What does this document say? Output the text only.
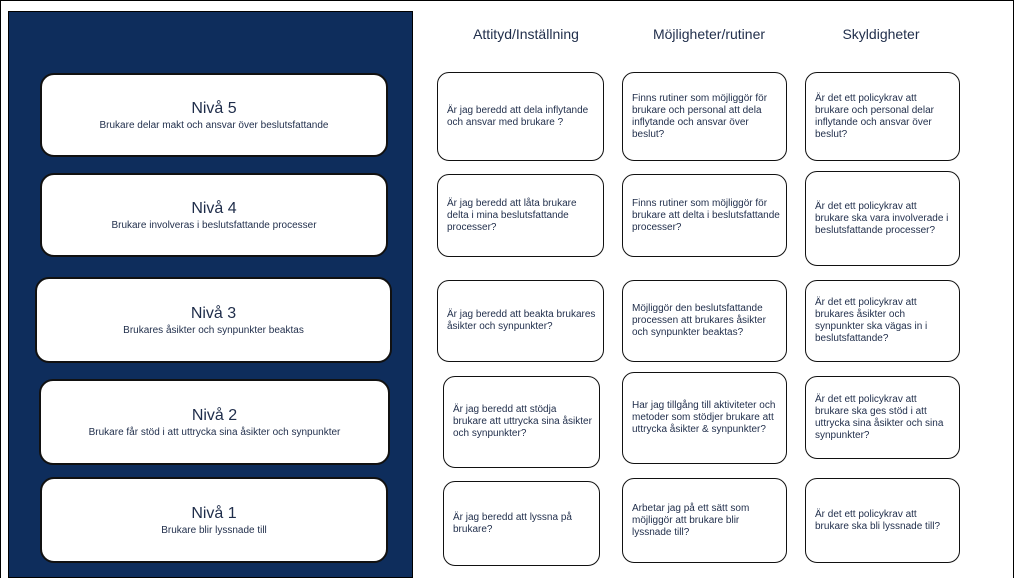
Attityd/Inställning	Möjligheter/rutiner	Skyldigheter
Nivå 5
Brukare delar makt och ansvar över beslutsfattande
Nivå 4
Brukare involveras i beslutsfattande processer
Nivå 3
Brukares åsikter och synpunkter beaktas
Nivå 2
Brukare får stöd i att uttrycka sina åsikter och synpunkter
Nivå 1
Brukare blir lyssnade till
Är jag beredd att dela inflytande och ansvar med brukare ?
Finns rutiner som möjliggör för brukare och personal att dela inflytande och ansvar över beslut?
Är det ett policykrav att brukare och personal delar inflytande och ansvar över beslut?
Är jag beredd att låta brukare delta i mina beslutsfattande processer?
Finns rutiner som möjliggör för brukare att delta i beslutsfattande processer?
Är det ett policykrav att brukare ska vara involverade i beslutsfattande processer?
Är jag beredd att beakta brukares åsikter och synpunkter?
Möjliggör den beslutsfattande processen att brukares åsikter och synpunkter beaktas?
Är det ett policykrav att brukares åsikter och synpunkter ska vägas in i beslutsfattande?
Är jag beredd att stödja brukare att uttrycka sina åsikter och synpunkter?
Har jag tillgång till aktiviteter och metoder som stödjer brukare att uttrycka åsikter & synpunkter?
Är det ett policykrav att brukare ska ges stöd i att uttrycka sina åsikter och sina synpunkter?
Är jag beredd att lyssna på brukare?
Arbetar jag på ett sätt som möjliggör att brukare blir lyssnade till?
Är det ett policykrav att brukare ska bli lyssnade till?
